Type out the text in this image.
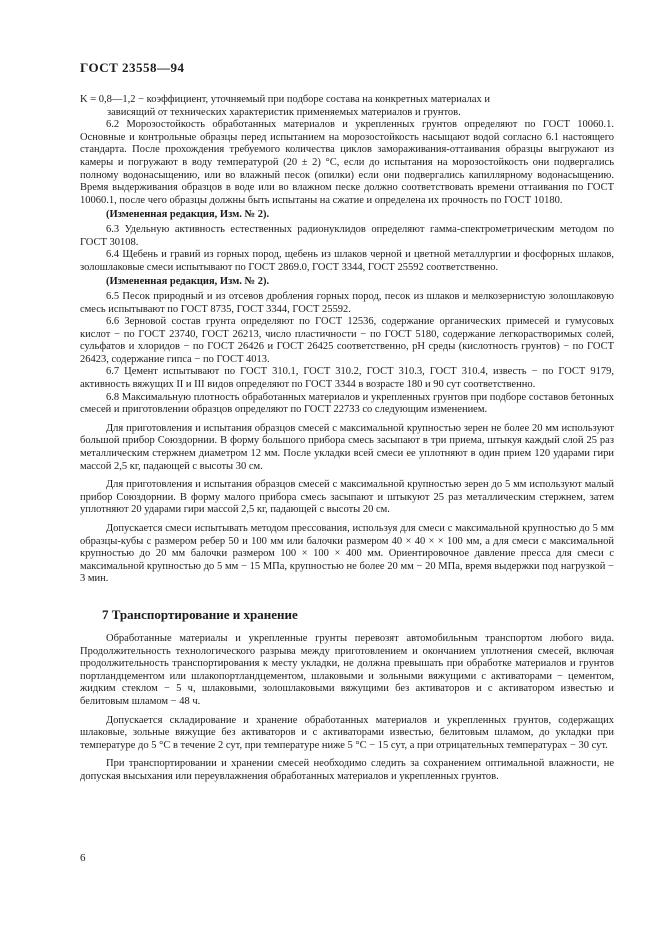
ГОСТ 23558—94

K = 0,8—1,2 − коэффициент, уточняемый при подборе состава на конкретных материалах и

зависящий от технических характеристик применяемых материалов и грунтов.

6.2 Морозостойкость обработанных материалов и укрепленных грунтов определяют по ГОСТ 10060.1. Основные и контрольные образцы перед испытанием на морозостойкость насыщают водой согласно 6.1 настоящего стандарта. После прохождения требуемого количества циклов замораживания-оттаивания образцы выгружают из камеры и погружают в воду температурой (20 ± 2) °С, если до испытания на морозостойкость они подвергались полному водонасыщению, или во влажный песок (опилки) если они подвергались капиллярному водонасыщению. Время выдерживания образцов в воде или во влажном песке должно соответствовать времени оттаивания по ГОСТ 10060.1, после чего образцы должны быть испытаны на сжатие и определена их прочность по ГОСТ 10180.

(Измененная редакция, Изм. № 2).

6.3 Удельную активность естественных радионуклидов определяют гамма-спектрометрическим методом по ГОСТ 30108.

6.4 Щебень и гравий из горных пород, щебень из шлаков черной и цветной металлургии и фосфорных шлаков, золошлаковые смеси испытывают по ГОСТ 2869.0, ГОСТ 3344, ГОСТ 25592 соответственно.

(Измененная редакция, Изм. № 2).

6.5 Песок природный и из отсевов дробления горных пород, песок из шлаков и мелкозернистую золошлаковую смесь испытывают по ГОСТ 8735, ГОСТ 3344, ГОСТ 25592.

6.6 Зерновой состав грунта определяют по ГОСТ 12536, содержание органических примесей и гумусовых кислот − по ГОСТ 23740, ГОСТ 26213, число пластичности − по ГОСТ 5180, содержание легкорастворимых солей, сульфатов и хлоридов − по ГОСТ 26426 и ГОСТ 26425 соответственно, рН среды (кислотность грунтов) − по ГОСТ 26423, содержание гипса − по ГОСТ 4013.

6.7 Цемент испытывают по ГОСТ 310.1, ГОСТ 310.2, ГОСТ 310.3, ГОСТ 310.4, известь − по ГОСТ 9179, активность вяжущих II и III видов определяют по ГОСТ 3344 в возрасте 180 и 90 сут соответственно.

6.8 Максимальную плотность обработанных материалов и укрепленных грунтов при подборе составов бетонных смесей и приготовлении образцов определяют по ГОСТ 22733 со следующим изменением.

Для приготовления и испытания образцов смесей с максимальной крупностью зерен не более 20 мм используют большой прибор Союздорнии. В форму большого прибора смесь засыпают в три приема, штыкуя каждый слой 25 раз металлическим стержнем диаметром 12 мм. После укладки всей смеси ее уплотняют в один прием 120 ударами гири массой 2,5 кг, падающей с высоты 30 см.

Для приготовления и испытания образцов смесей с максимальной крупностью зерен до 5 мм используют малый прибор Союздорнии. В форму малого прибора смесь засыпают и штыкуют 25 раз металлическим стержнем, затем уплотняют 20 ударами гири массой 2,5 кг, падающей с высоты 20 см.

Допускается смеси испытывать методом прессования, используя для смеси с максимальной крупностью до 5 мм образцы-кубы с размером ребер 50 и 100 мм или балочки размером 40 × 40 × × 100 мм, а для смеси с максимальной крупностью до 20 мм балочки размером 100 × 100 × 400 мм. Ориентировочное давление пресса для смеси с максимальной крупностью до 5 мм − 15 МПа, крупностью не более 20 мм − 20 МПа, время выдержки под нагрузкой − 3 мин.

7 Транспортирование и хранение

Обработанные материалы и укрепленные грунты перевозят автомобильным транспортом любого вида. Продолжительность технологического разрыва между приготовлением и окончанием уплотнения смесей, включая продолжительность транспортирования к месту укладки, не должна превышать при обработке материалов и грунтов портландцементом или шлакопортландцементом, шлаковыми и зольными вяжущими с активаторами − цементом, жидким стеклом − 5 ч, шлаковыми, золошлаковыми вяжущими без активаторов и с активатором известью и белитовым шламом − 48 ч.

Допускается складирование и хранение обработанных материалов и укрепленных грунтов, содержащих шлаковые, зольные вяжущие без активаторов и с активаторами известью, белитовым шламом, до укладки при температуре до 5 °С в течение 2 сут, при температуре ниже 5 °С − 15 сут, а при отрицательных температурах − 30 сут.

При транспортировании и хранении смесей необходимо следить за сохранением оптимальной влажности, не допуская высыхания или переувлажнения обработанных материалов и укрепленных грунтов.

6
